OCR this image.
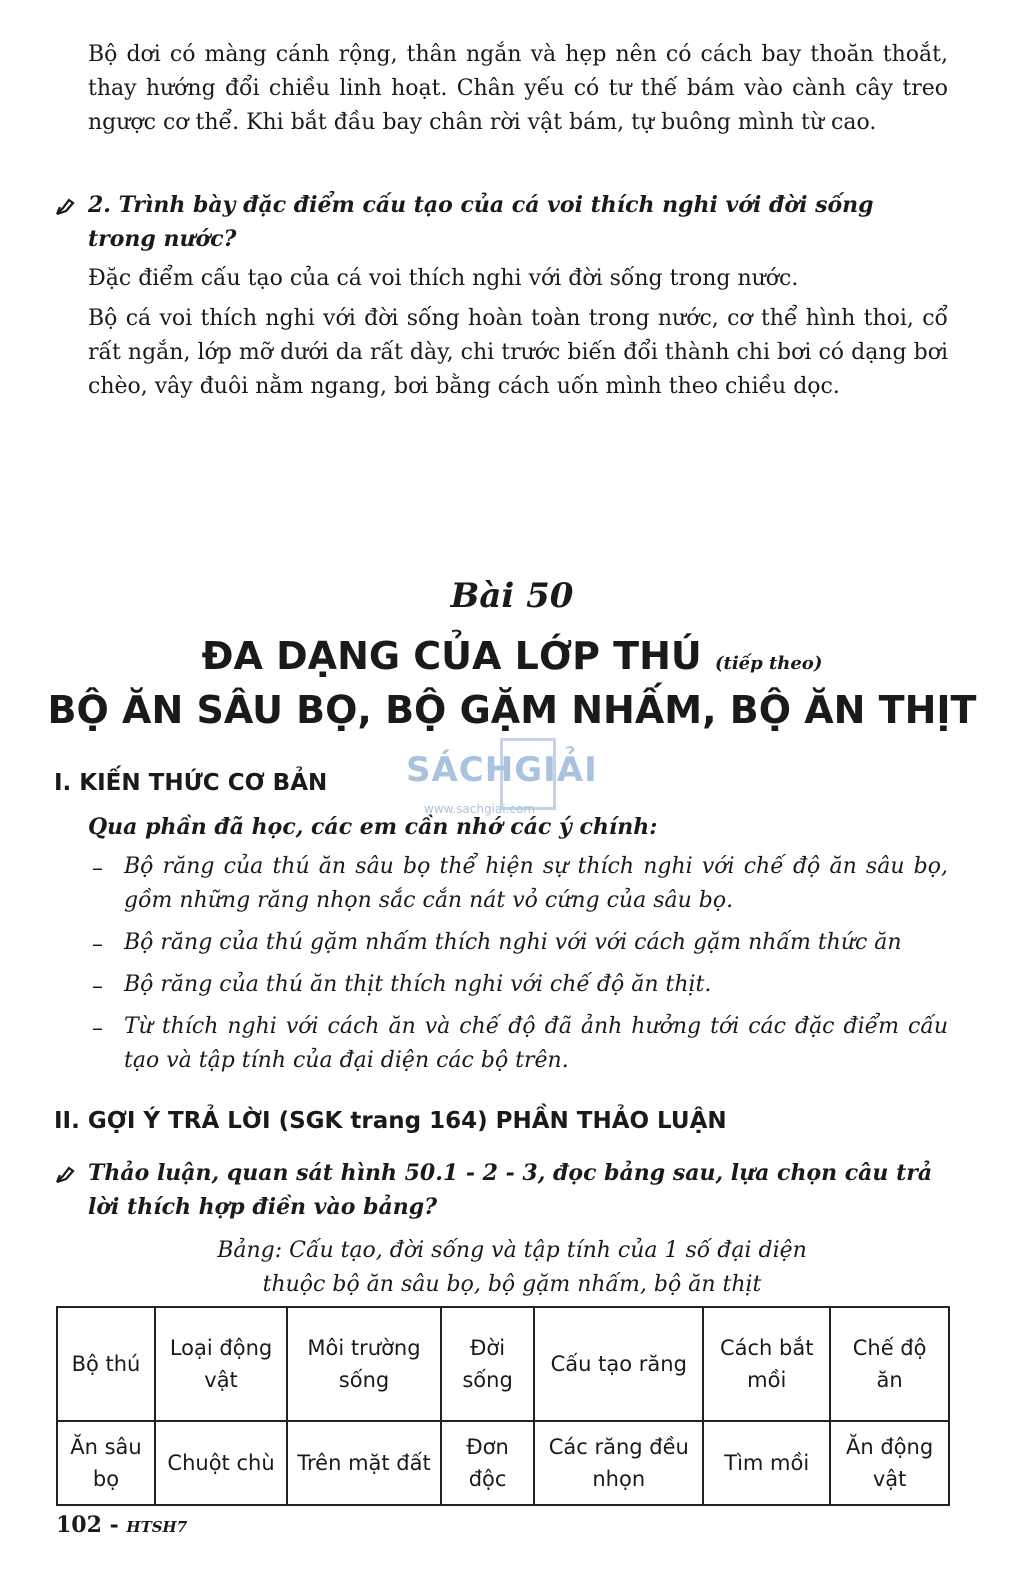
Bộ dơi có màng cánh rộng, thân ngắn và hẹp nên có cách bay thoăn thoắt, thay hướng đổi chiều linh hoạt. Chân yếu có tư thế bám vào cành cây treo ngược cơ thể. Khi bắt đầu bay chân rời vật bám, tự buông mình từ cao.
2. Trình bày đặc điểm cấu tạo của cá voi thích nghi với đời sống trong nước?
Đặc điểm cấu tạo của cá voi thích nghi với đời sống trong nước.
Bộ cá voi thích nghi với đời sống hoàn toàn trong nước, cơ thể hình thoi, cổ rất ngắn, lớp mỡ dưới da rất dày, chi trước biến đổi thành chi bơi có dạng bơi chèo, vây đuôi nằm ngang, bơi bằng cách uốn mình theo chiều dọc.
Bài 50
ĐA DẠNG CỦA LỚP THÚ (tiếp theo)
BỘ ĂN SÂU BỌ, BỘ GẶM NHẤM, BỘ ĂN THỊT
SÁCHGIẢI
www.sachgiai.com
I. KIẾN THỨC CƠ BẢN
Qua phần đã học, các em cần nhớ các ý chính:
– Bộ răng của thú ăn sâu bọ thể hiện sự thích nghi với chế độ ăn sâu bọ, gồm những răng nhọn sắc cắn nát vỏ cứng của sâu bọ.
– Bộ răng của thú gặm nhấm thích nghi với với cách gặm nhấm thức ăn
– Bộ răng của thú ăn thịt thích nghi với chế độ ăn thịt.
– Từ thích nghi với cách ăn và chế độ đã ảnh hưởng tới các đặc điểm cấu tạo và tập tính của đại diện các bộ trên.
II. GỢI Ý TRẢ LỜI (SGK trang 164) PHẦN THẢO LUẬN
Thảo luận, quan sát hình 50.1 - 2 - 3, đọc bảng sau, lựa chọn câu trả lời thích hợp điền vào bảng?
Bảng: Cấu tạo, đời sống và tập tính của 1 số đại diện
thuộc bộ ăn sâu bọ, bộ gặm nhấm, bộ ăn thịt
Bộ thú	Loại động vật	Môi trường sống	Đời sống	Cấu tạo răng	Cách bắt mồi	Chế độ ăn
Ăn sâu bọ	Chuột chù	Trên mặt đất	Đơn độc	Các răng đều nhọn	Tìm mồi	Ăn động vật
102 - HTSH7
